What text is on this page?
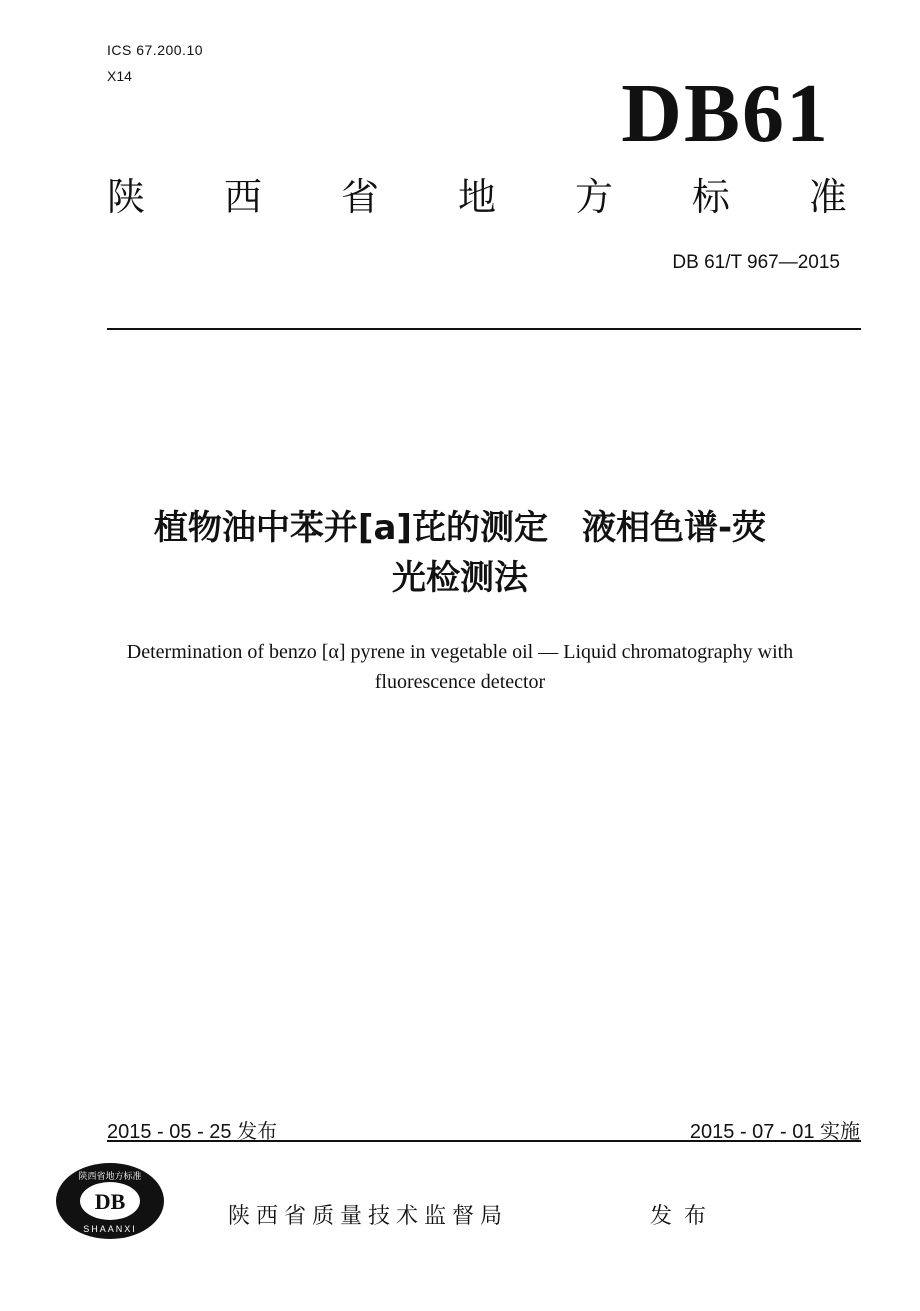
ICS 67.200.10
X14	DB61
陕 西 省 地 方 标 准
DB 61/T 967—2015
植物油中苯并[a]芘的测定　液相色谱-荧
光检测法
Determination of benzo [α] pyrene in vegetable oil — Liquid chromatography with
fluorescence detector
2015 - 05 - 25 发布	2015 - 07 - 01 实施
陕西省地方标准
DB
SHAANXI	陕西省质量技术监督局	发布
